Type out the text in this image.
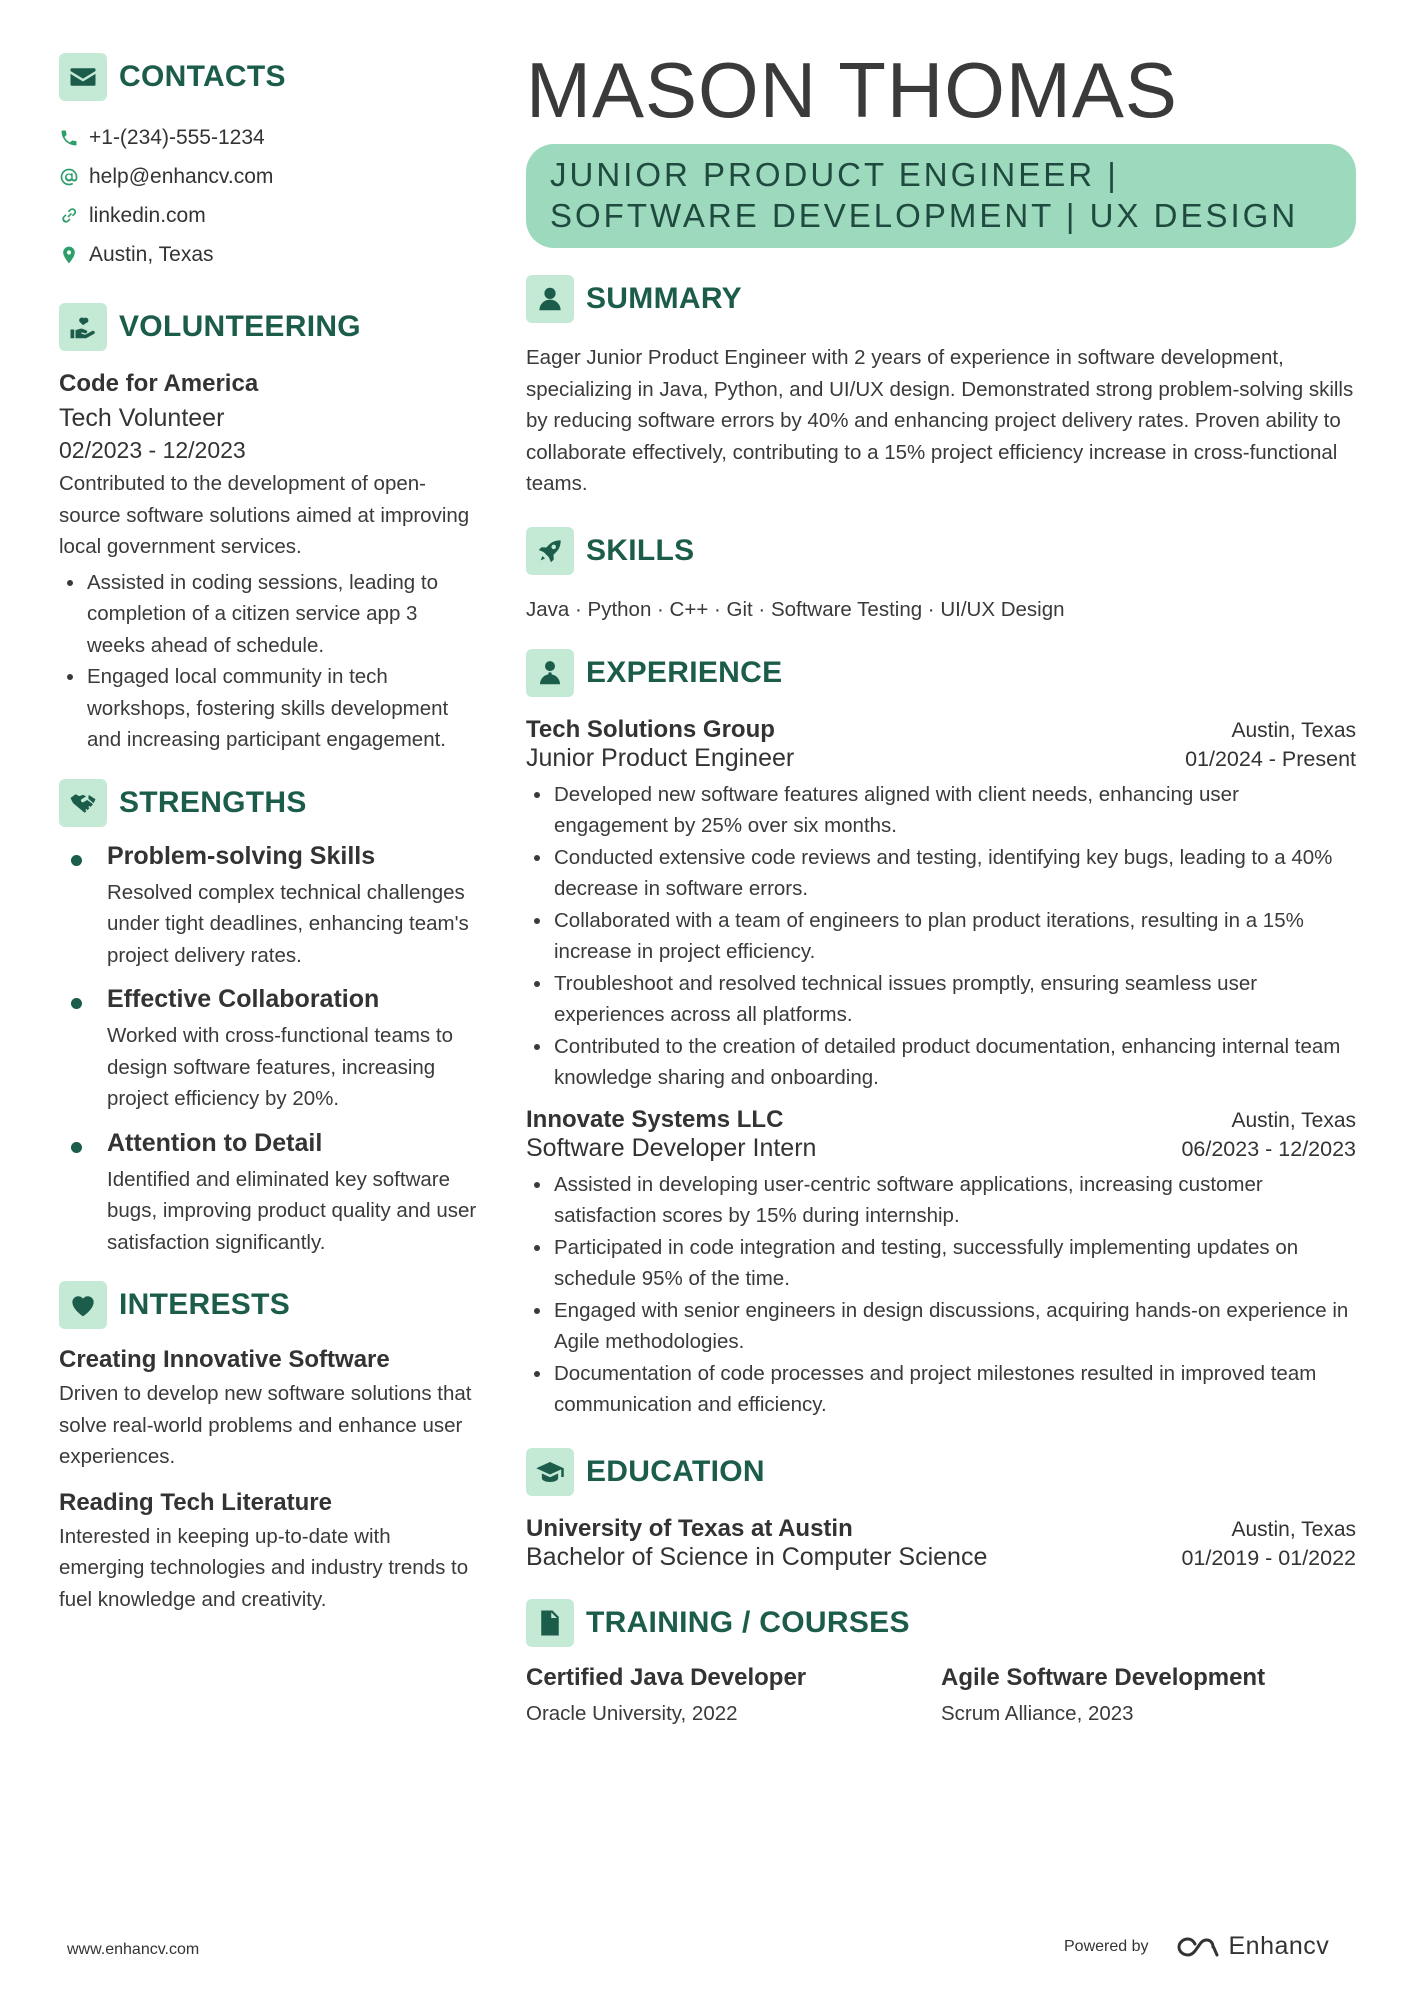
CONTACTS
+1-(234)-555-1234
help@enhancv.com
linkedin.com
Austin, Texas
VOLUNTEERING
Code for America
Tech Volunteer
02/2023 - 12/2023
Contributed to the development of open-source software solutions aimed at improving local government services.
Assisted in coding sessions, leading to completion of a citizen service app 3 weeks ahead of schedule.
Engaged local community in tech workshops, fostering skills development and increasing participant engagement.
STRENGTHS
Problem-solving Skills
Resolved complex technical challenges under tight deadlines, enhancing team's project delivery rates.
Effective Collaboration
Worked with cross-functional teams to design software features, increasing project efficiency by 20%.
Attention to Detail
Identified and eliminated key software bugs, improving product quality and user satisfaction significantly.
INTERESTS
Creating Innovative Software
Driven to develop new software solutions that solve real-world problems and enhance user experiences.
Reading Tech Literature
Interested in keeping up-to-date with emerging technologies and industry trends to fuel knowledge and creativity.
MASON THOMAS
JUNIOR PRODUCT ENGINEER | SOFTWARE DEVELOPMENT | UX DESIGN
SUMMARY
Eager Junior Product Engineer with 2 years of experience in software development, specializing in Java, Python, and UI/UX design. Demonstrated strong problem-solving skills by reducing software errors by 40% and enhancing project delivery rates. Proven ability to collaborate effectively, contributing to a 15% project efficiency increase in cross-functional teams.
SKILLS
Java · Python · C++ · Git · Software Testing · UI/UX Design
EXPERIENCE
Tech Solutions Group	Austin, Texas
Junior Product Engineer	01/2024 - Present
Developed new software features aligned with client needs, enhancing user engagement by 25% over six months.
Conducted extensive code reviews and testing, identifying key bugs, leading to a 40% decrease in software errors.
Collaborated with a team of engineers to plan product iterations, resulting in a 15% increase in project efficiency.
Troubleshoot and resolved technical issues promptly, ensuring seamless user experiences across all platforms.
Contributed to the creation of detailed product documentation, enhancing internal team knowledge sharing and onboarding.
Innovate Systems LLC	Austin, Texas
Software Developer Intern	06/2023 - 12/2023
Assisted in developing user-centric software applications, increasing customer satisfaction scores by 15% during internship.
Participated in code integration and testing, successfully implementing updates on schedule 95% of the time.
Engaged with senior engineers in design discussions, acquiring hands-on experience in Agile methodologies.
Documentation of code processes and project milestones resulted in improved team communication and efficiency.
EDUCATION
University of Texas at Austin	Austin, Texas
Bachelor of Science in Computer Science	01/2019 - 01/2022
TRAINING / COURSES
Certified Java Developer
Oracle University, 2022
Agile Software Development
Scrum Alliance, 2023
www.enhancv.com	Powered by	Enhancv
